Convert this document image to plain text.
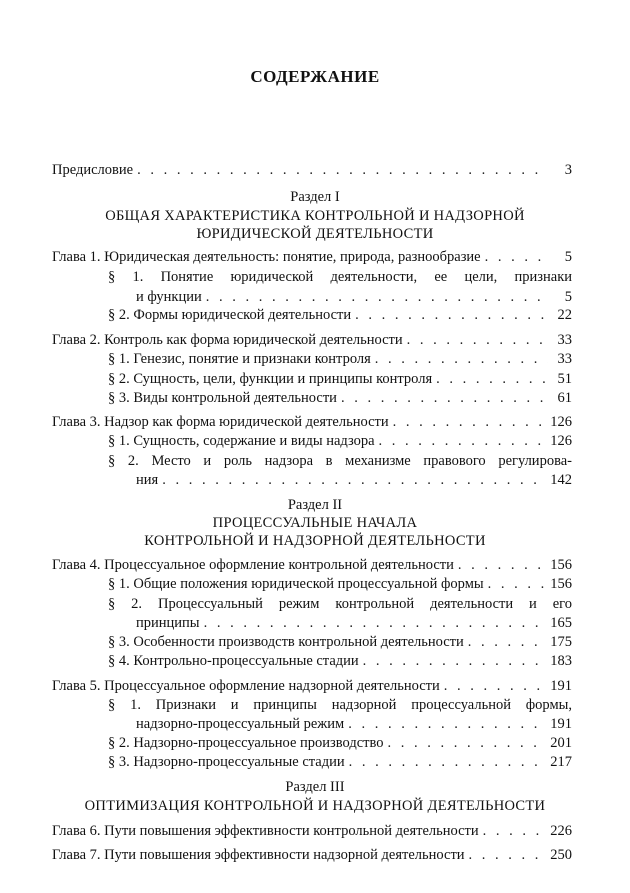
СОДЕРЖАНИЕ
Предисловие . . .	3
Раздел I
ОБЩАЯ ХАРАКТЕРИСТИКА КОНТРОЛЬНОЙ И НАДЗОРНОЙ
ЮРИДИЧЕСКОЙ ДЕЯТЕЛЬНОСТИ
Глава 1. Юридическая деятельность: понятие, природа, разнообразие . . .	5
§ 1. Понятие юридической деятельности, ее цели, признаки
и функции . . .	5
§ 2. Формы юридической деятельности . . .	22
Глава 2. Контроль как форма юридической деятельности . . .	33
§ 1. Генезис, понятие и признаки контроля . . .	33
§ 2. Сущность, цели, функции и принципы контроля . . .	51
§ 3. Виды контрольной деятельности . . .	61
Глава 3. Надзор как форма юридической деятельности . . .	126
§ 1. Сущность, содержание и виды надзора . . .	126
§ 2. Место и роль надзора в механизме правового регулирова-
ния . . .	142
Раздел II
ПРОЦЕССУАЛЬНЫЕ НАЧАЛА
КОНТРОЛЬНОЙ И НАДЗОРНОЙ ДЕЯТЕЛЬНОСТИ
Глава 4. Процессуальное оформление контрольной деятельности . . .	156
§ 1. Общие положения юридической процессуальной формы . . .	156
§ 2. Процессуальный режим контрольной деятельности и его
принципы . . .	165
§ 3. Особенности производств контрольной деятельности . . .	175
§ 4. Контрольно-процессуальные стадии . . .	183
Глава 5. Процессуальное оформление надзорной деятельности . . .	191
§ 1. Признаки и принципы надзорной процессуальной формы,
надзорно-процессуальный режим . . .	191
§ 2. Надзорно-процессуальное производство . . .	201
§ 3. Надзорно-процессуальные стадии . . .	217
Раздел III
ОПТИМИЗАЦИЯ КОНТРОЛЬНОЙ И НАДЗОРНОЙ ДЕЯТЕЛЬНОСТИ
Глава 6. Пути повышения эффективности контрольной деятельности . . .	226
Глава 7. Пути повышения эффективности надзорной деятельности . . .	250
